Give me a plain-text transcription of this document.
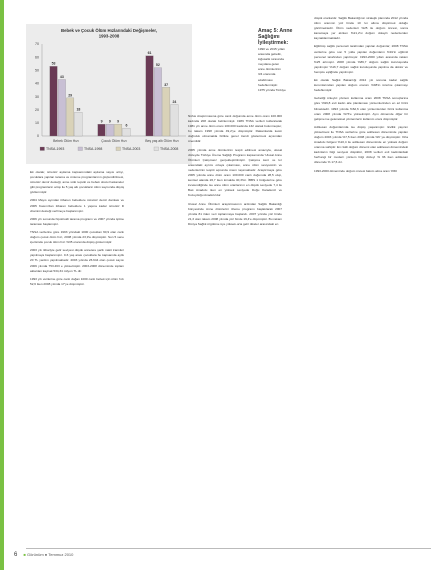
Bebek ve Çocuk Ölüm Hızlarındaki Değişmeler,
1993-2008
0
10
20
30
40
50
60
70
53
43
29
18
Bebek Ölüm Hızı
9 9 9
6
Çocuk Ölüm Hızı
61
52
37
24
Beş yaş altı Ölüm Hızı
TNSA-1993	TNSA-1998	TNSA-2003	TNSA-2008
Amaç 5: Anne
Sağlığını
İyileştirmek:
1990 ve 2015 yılları
arasında gebelik,
loğusalık sırasında
meydana gelen
anne ölümlerinin
3/4 oranında
azaltılması
hedeflenmiştir.
1975 yılında Türkiye

Ek olarak; ücretsiz aşılama kapsamındaki aşılama sayısı artıyı, çocuklara yapılan tarama ve önleme programlarının güçlendirilmesi, ücretsiz demir desteği, anne sütü teşviki ve bebek dostu hastaneler gibi programların artışı ile 5 yaş altı çocukların ölüm sayısında düşüş gözlenmiştir.

2004 Mayıs ayından itibaren bebeklere ücretsiz demir damlası ve 2005 Kasım'dan itibaren bebeklere 1 yaşına kadar ücretsiz D vitamini desteği verilmeye başlanmıştır.

2006 yılı sonunda hipotiroidi tarama programı ve 2007 yılında işitme taraması başlamıştır.

TNSA verilerine göre 1993 yılındaki 1000 çocuktan 60,9 olan canlı doğum çocuk ölüm hızı, 2008 yılında 23,9'a düşmüştür. Son 5 sene içerisinde çocuk ölüm hızı %35 oranında düşüş göstermiştir.

2003 yılı itibariyle gelir seviyesi düşük annelere şartlı nakit transferi yapılmaya başlanmıştır. 0-6 yaş arası çocuklara bu kapsamda aylık 20 TL yardım yapılmaktadır. 2003 yılında 26.644 olan çocuk sayısı 2009 yılında 753.463 e yükselmiştir. 2003-2008 döneminde toplam aktarılan kaynak 534,34 milyon TL dir.

1993 yılı verilerine göre canlı doğan 1000 canlı bebek için ölüm hızı 52,6 iken 2008 yılında 17'ye düşmüştür.

Nüfus Araştırmasına göre canlı doğumda anne ölüm oranı 100.000 kadında 208 olarak belirlenmişti. 1989 TNSA verileri kullanılarak 1981 yılı anne ölüm oranı 100.000 kadında 132 olarak bulunmuştur, bu rakam 1998 yılında 49,2'ye düşmüştür. Rakamlarda kesin doğruluk olmamakla birlikte genel trendi göstermesi açısından önemlidir.

2005 yılında anne ölümlerinin tespit edilmesi amacıyla, ulusal düzeyde Türkiye Üreme Sağlığı Programı kapsamında 'Ulusal Anne Ölümleri Çalışması' gerçekleştirilmiştir. Çalışma kent ve kır arasındaki ayrımı ortaya çıkarması, anne ölüm seviyesinin ve nedenlerinin tespiti açısında önem taşımaktadır. Araştırmaya göre 2005 yılında anne ölüm oranı 100.000 canlı doğumda 28,5 olup, kentsel alanda 26,7 iken kırsalda 40,3'tür. İBBS 1 bölgelerine göre incelendiğinde ise anne ölüm oranlarının en düşük seviyede 7,4 ile Batı Anadolu iken en yüksek seviyede Doğu Karadeniz ve Kuzeydoğu Anadolu'dur.

Ulusal Anne Ölümleri araştırmasının ardından Sağlık Bakanlığı bünyesinde Anne ölümlerini izleme programı başlatılarak 2007 yılında 81 ilden veri toplanmaya başlandı. 2007 yılında yüz binde 21,3 olan rakam 2008 yılında yüz binde 19,4'e düşmüştür. Bu rakam Dünya Sağlık örgütüne üye yüksek-orta gelir ülkeler arasındaki en

düşük oranlardır. Sağlık Bakanlığının stratejik planında 2012 yılında ölüm oranının yüz binde 10 'un altına düşürmek olduğu görülmektedir. Ölüm nedenleri %25 ile doğum öncesi, sonra kanamaya yer alırken %21,2'si doğum dolayılı nedenlerden kaynaklanmaktadır.

Eğitilmiş sağlık personeli tarafından yapılan doğumlar; 2008 TNSA verilerine göre son 5 yılda yapılan doğumların %91'in eğitimli personel tarafından yapılmıştır. 1993-2000 yılları arasında rakam %25 artmıştır. 2008 yılında %89,7 doğum sağlık kuruluşunda yapılmıştır %16,7 doğum sağlık kuruluşunda yapılma da doktor ve hemşire eşliğinde yapılmıştır.

Ek olarak Sağlık Bakanlığı 2012 yılı sonuna kadar sağlık kurumlarından yapılan doğum oranını %98'in üzerine çıkarmayı hedeflemiştir.

Gebeliği önleyici yöntem kullanma oranı 2008 TNSA sonuçlarına göre %99,8 evli kadın aile planlaması yöntemlerinden en az birini bilmektedir. 1993 yılında %62,6 olan yöntemlerden birini kullanma oranı 2008 yılında %73'e yükselmiştir. Aynı dönemde diğer bir gelişme ise geleneksel yöntemlerin kullanım oranı düşmüştür.

Adölesan doğumlarında ise düşüş yaşanmıştır. Evlilik yaşının yükselmesi ile TNSA verilerine göre adölesan döneminde yapılan doğum 2003 yılında %7,5 iken 2008 yılında %6' ya düşmüştür. Orta Anadolu bölgesi %10,4 ile adölesan döneminde en yüksek doğum oranına sahiptir. En riskli doğum dönemi olan adölesan dönemindeki kadınların bilgi seviyesi düşüktür, 2008 verileri evli kadınlardaki herhangi bir modern yöntem bilgi düzeyi % 96 iken adölesan dönemde % 17,6 dır.

1993-2000 döneminde doğum öncesi bakım alma oranı %50

6 ■ Görünüm ● Temmuz 2010
